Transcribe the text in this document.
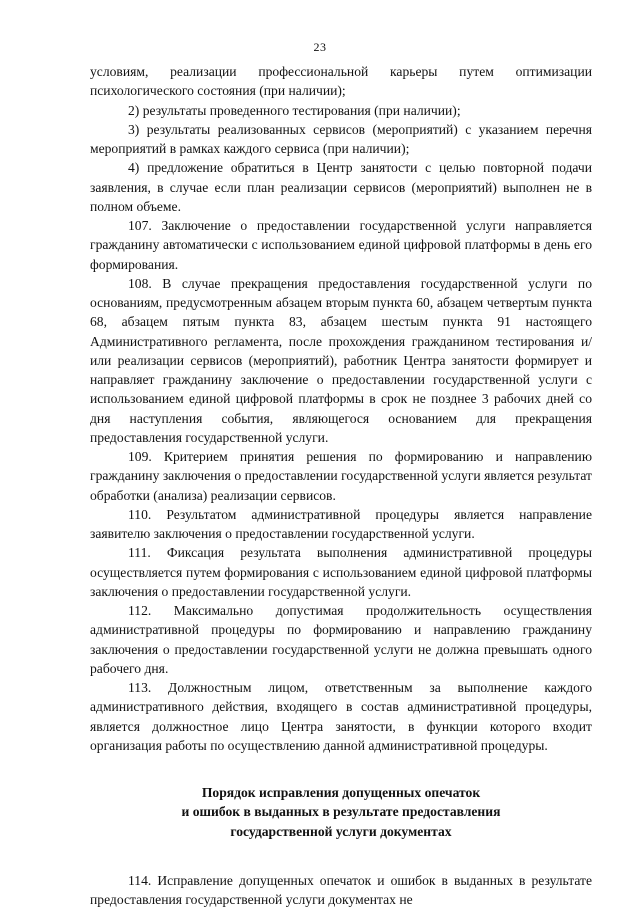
23

условиям, реализации профессиональной карьеры путем оптимизации психологического состояния (при наличии);

2) результаты проведенного тестирования (при наличии);

3) результаты реализованных сервисов (мероприятий) с указанием перечня мероприятий в рамках каждого сервиса (при наличии);

4) предложение обратиться в Центр занятости с целью повторной подачи заявления, в случае если план реализации сервисов (мероприятий) выполнен не в полном объеме.

107. Заключение о предоставлении государственной услуги направляется гражданину автоматически с использованием единой цифровой платформы в день его формирования.

108. В случае прекращения предоставления государственной услуги по основаниям, предусмотренным абзацем вторым пункта 60, абзацем четвертым пункта 68, абзацем пятым пункта 83, абзацем шестым пункта 91 настоящего Административного регламента, после прохождения гражданином тестирования и/или реализации сервисов (мероприятий), работник Центра занятости формирует и направляет гражданину заключение о предоставлении государственной услуги с использованием единой цифровой платформы в срок не позднее 3 рабочих дней со дня наступления события, являющегося основанием для прекращения предоставления государственной услуги.

109. Критерием принятия решения по формированию и направлению гражданину заключения о предоставлении государственной услуги является результат обработки (анализа) реализации сервисов.

110. Результатом административной процедуры является направление заявителю заключения о предоставлении государственной услуги.

111. Фиксация результата выполнения административной процедуры осуществляется путем формирования с использованием единой цифровой платформы заключения о предоставлении государственной услуги.

112. Максимально допустимая продолжительность осуществления административной процедуры по формированию и направлению гражданину заключения о предоставлении государственной услуги не должна превышать одного рабочего дня.

113. Должностным лицом, ответственным за выполнение каждого административного действия, входящего в состав административной процедуры, является должностное лицо Центра занятости, в функции которого входит организация работы по осуществлению данной административной процедуры.

Порядок исправления допущенных опечаток
и ошибок в выданных в результате предоставления
государственной услуги документах

114. Исправление допущенных опечаток и ошибок в выданных в результате предоставления государственной услуги документах не
